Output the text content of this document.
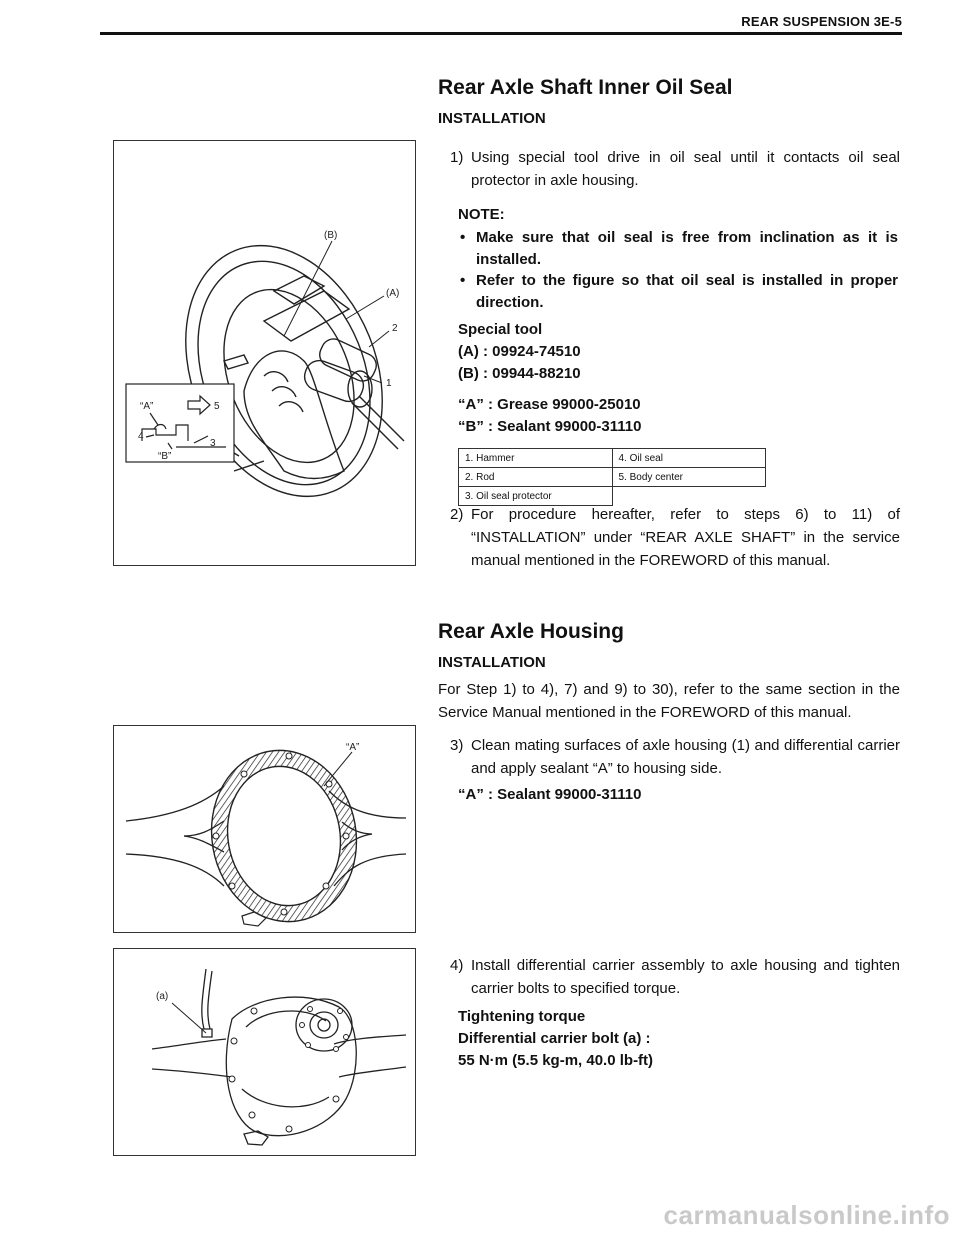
REAR SUSPENSION 3E-5
Rear Axle Shaft Inner Oil Seal
INSTALLATION
1) Using special tool drive in oil seal until it contacts oil seal protector in axle housing.
NOTE:
• Make sure that oil seal is free from inclination as it is installed.
• Refer to the figure so that oil seal is installed in proper direction.
Special tool
(A) : 09924-74510
(B) : 09944-88210
“A” : Grease 99000-25010
“B” : Sealant 99000-31110
1. Hammer	4. Oil seal
2. Rod	5. Body center
3. Oil seal protector	
2) For procedure hereafter, refer to steps 6) to 11) of “INSTALLATION” under “REAR AXLE SHAFT” in the service manual mentioned in the FOREWORD of this manual.
(B)
(A)
2
1
“A”	5
4
3
“B”
Rear Axle Housing
INSTALLATION

For Step 1) to 4), 7) and 9) to 30), refer to the same section in the Service Manual mentioned in the FOREWORD of this manual.

3) Clean mating surfaces of axle housing (1) and differential carrier and apply sealant “A” to housing side.
“A” : Sealant 99000-31110
“A”
4) Install differential carrier assembly to axle housing and tighten carrier bolts to specified torque.
Tightening torque
Differential carrier bolt (a) :
55 N·m (5.5 kg-m, 40.0 lb-ft)
(a)
carmanualsonline.info
